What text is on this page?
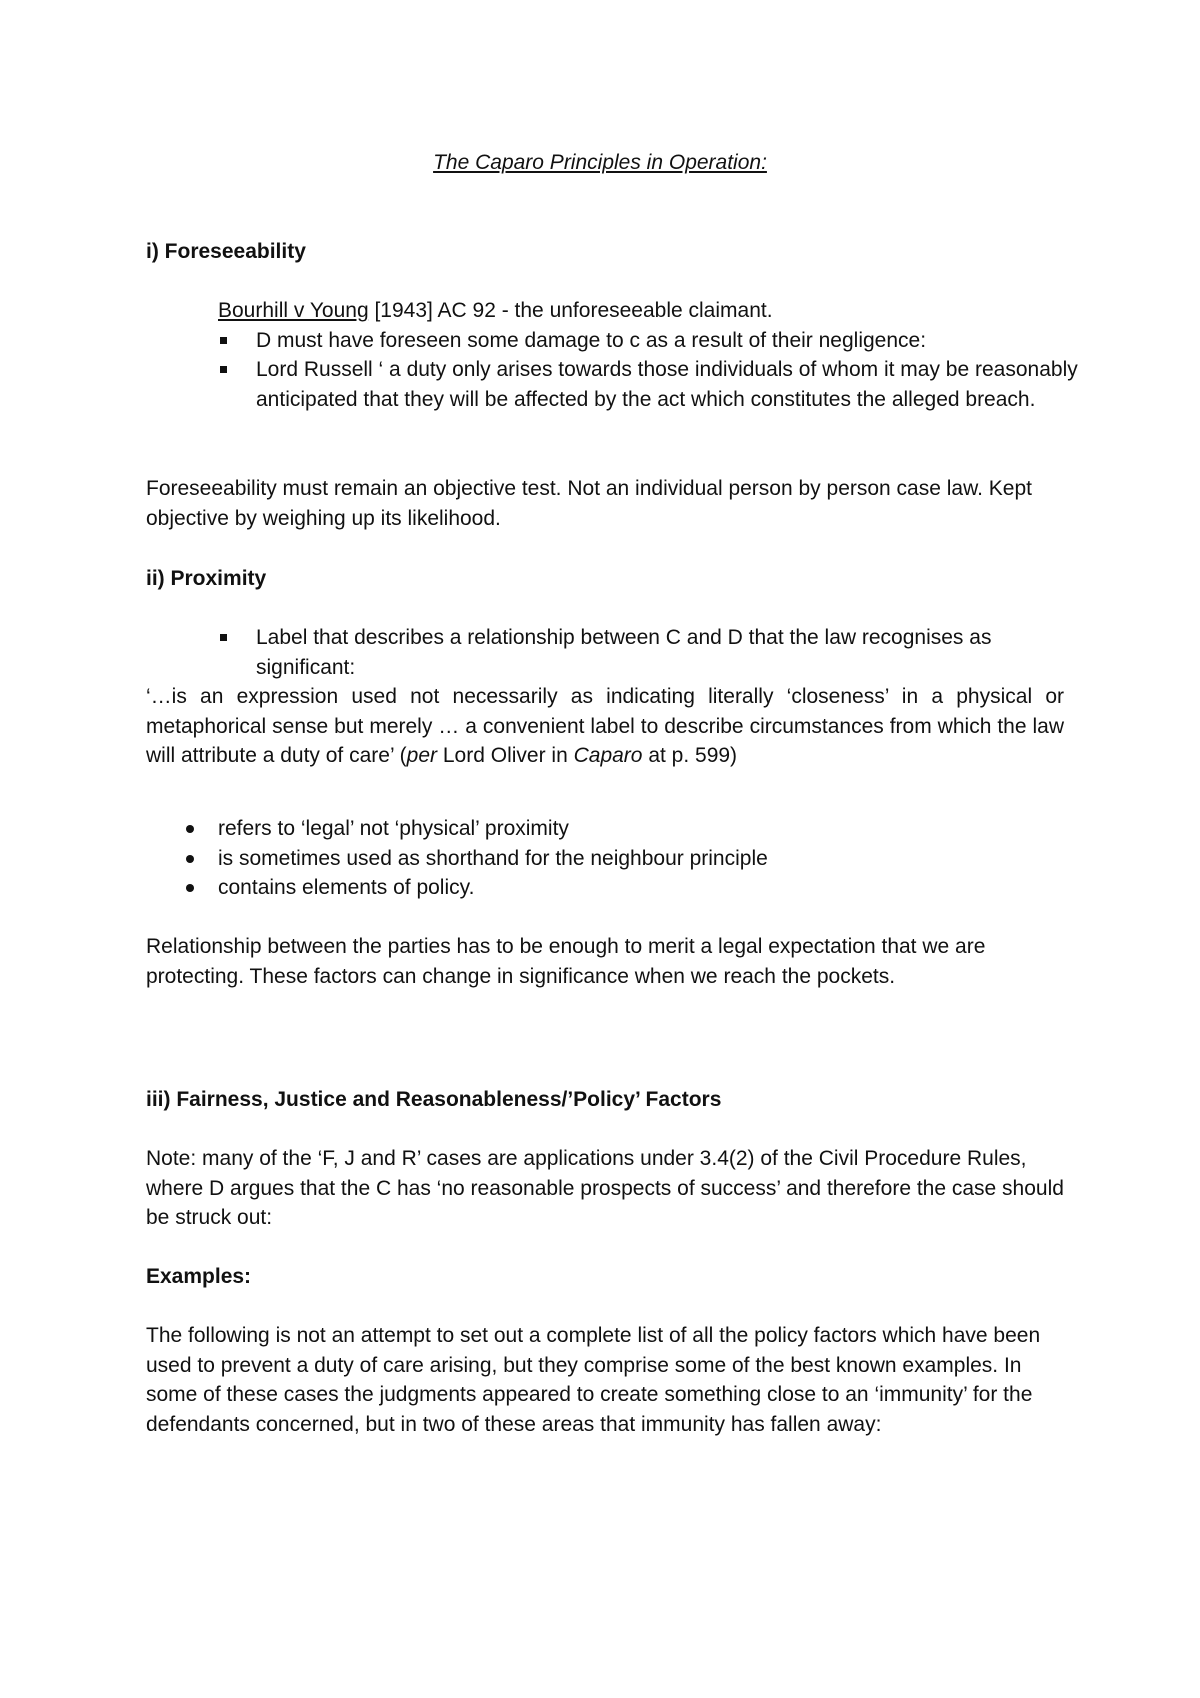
The Caparo Principles in Operation:
i) Foreseeability
Bourhill v Young [1943] AC 92 - the unforeseeable claimant.
D must have foreseen some damage to c as a result of their negligence:
Lord Russell ‘ a duty only arises towards those individuals of whom it may be reasonably anticipated that they will be affected by the act which constitutes the alleged breach.

Foreseeability must remain an objective test. Not an individual person by person case law. Kept objective by weighing up its likelihood.

ii) Proximity
Label that describes a relationship between C and D that the law recognises as significant:

‘…is an expression used not necessarily as indicating literally ‘closeness’ in a physical or metaphorical sense but merely … a convenient label to describe circumstances from which the law will attribute a duty of care’ (per Lord Oliver in Caparo at p. 599)

refers to ‘legal’ not ‘physical’ proximity
is sometimes used as shorthand for the neighbour principle
contains elements of policy.

Relationship between the parties has to be enough to merit a legal expectation that we are protecting. These factors can change in significance when we reach the pockets.

iii) Fairness, Justice and Reasonableness/’Policy’ Factors

Note: many of the ‘F, J and R’ cases are applications under 3.4(2) of the Civil Procedure Rules, where D argues that the C has ‘no reasonable prospects of success’ and therefore the case should be struck out:

Examples:

The following is not an attempt to set out a complete list of all the policy factors which have been used to prevent a duty of care arising, but they comprise some of the best known examples. In some of these cases the judgments appeared to create something close to an ‘immunity’ for the defendants concerned, but in two of these areas that immunity has fallen away:
